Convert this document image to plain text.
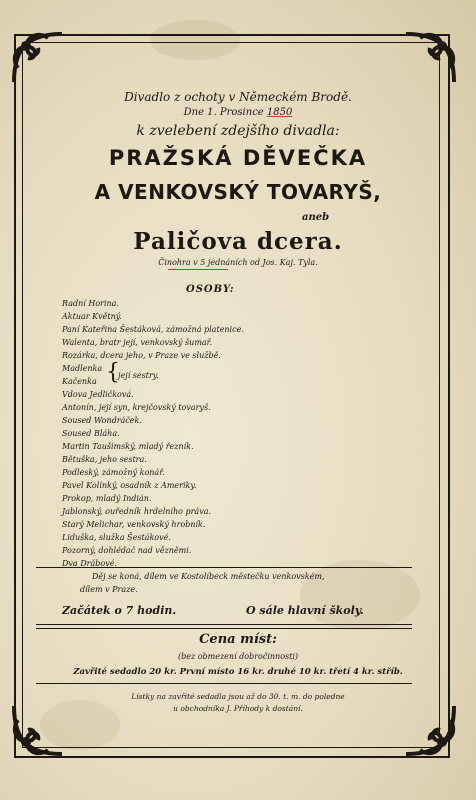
Divadlo z ochoty v Německém Brodě.
Dne 1. Prosince 1850
k zvelebení zdejšího divadla:
PRAŽSKÁ DĚVEČKA
A VENKOVSKÝ TOVARYŠ,
aneb
Paličova dcera.
Činohra v 5 jednáních od Jos. Kaj. Tyla.
OSOBY:
Radní Horina.
Aktuar Květný.
Paní Kateřina Šestáková, zámožná platenice.
Walenta, bratr její, venkovský šumař.
Rozárka, dcera jeho, v Praze ve službě.
Madlenka
Kačenka {
její sestry.
Vdova Jedličková.
Antonín, její syn, krejčovský tovaryš.
Soused Wondráček.
Soused Bláha.
Martin Taušimský, mladý řezník.
Bětuška, jeho sestra.
Podleský, zámožný konář.
Pavel Kolínký, osadník z Ameriky.
Prokop, mladý Indián.
Jablonský, ouředník hrdelního práva.
Starý Melichar, venkovský hrobník.
Liduška, služka Šestákové.
Pozorný, dohlédač nad vězněmi.
Dva Drábové.
Děj se koná, dílem ve Kostolíbeck městečku venkovském,
dílem v Praze.
Začátek o 7 hodin.	O sále hlavní školy.
Cena míst:
(bez obmezení dobročinnosti)
Zavřité sedadlo 20 kr. První místo 16 kr. druhé 10 kr. třetí 4 kr. stříb.
Lístky na zavřité sedadla jsou až do 30. t. m. do poledne
u obchodníka J. Příhody k dostání.
